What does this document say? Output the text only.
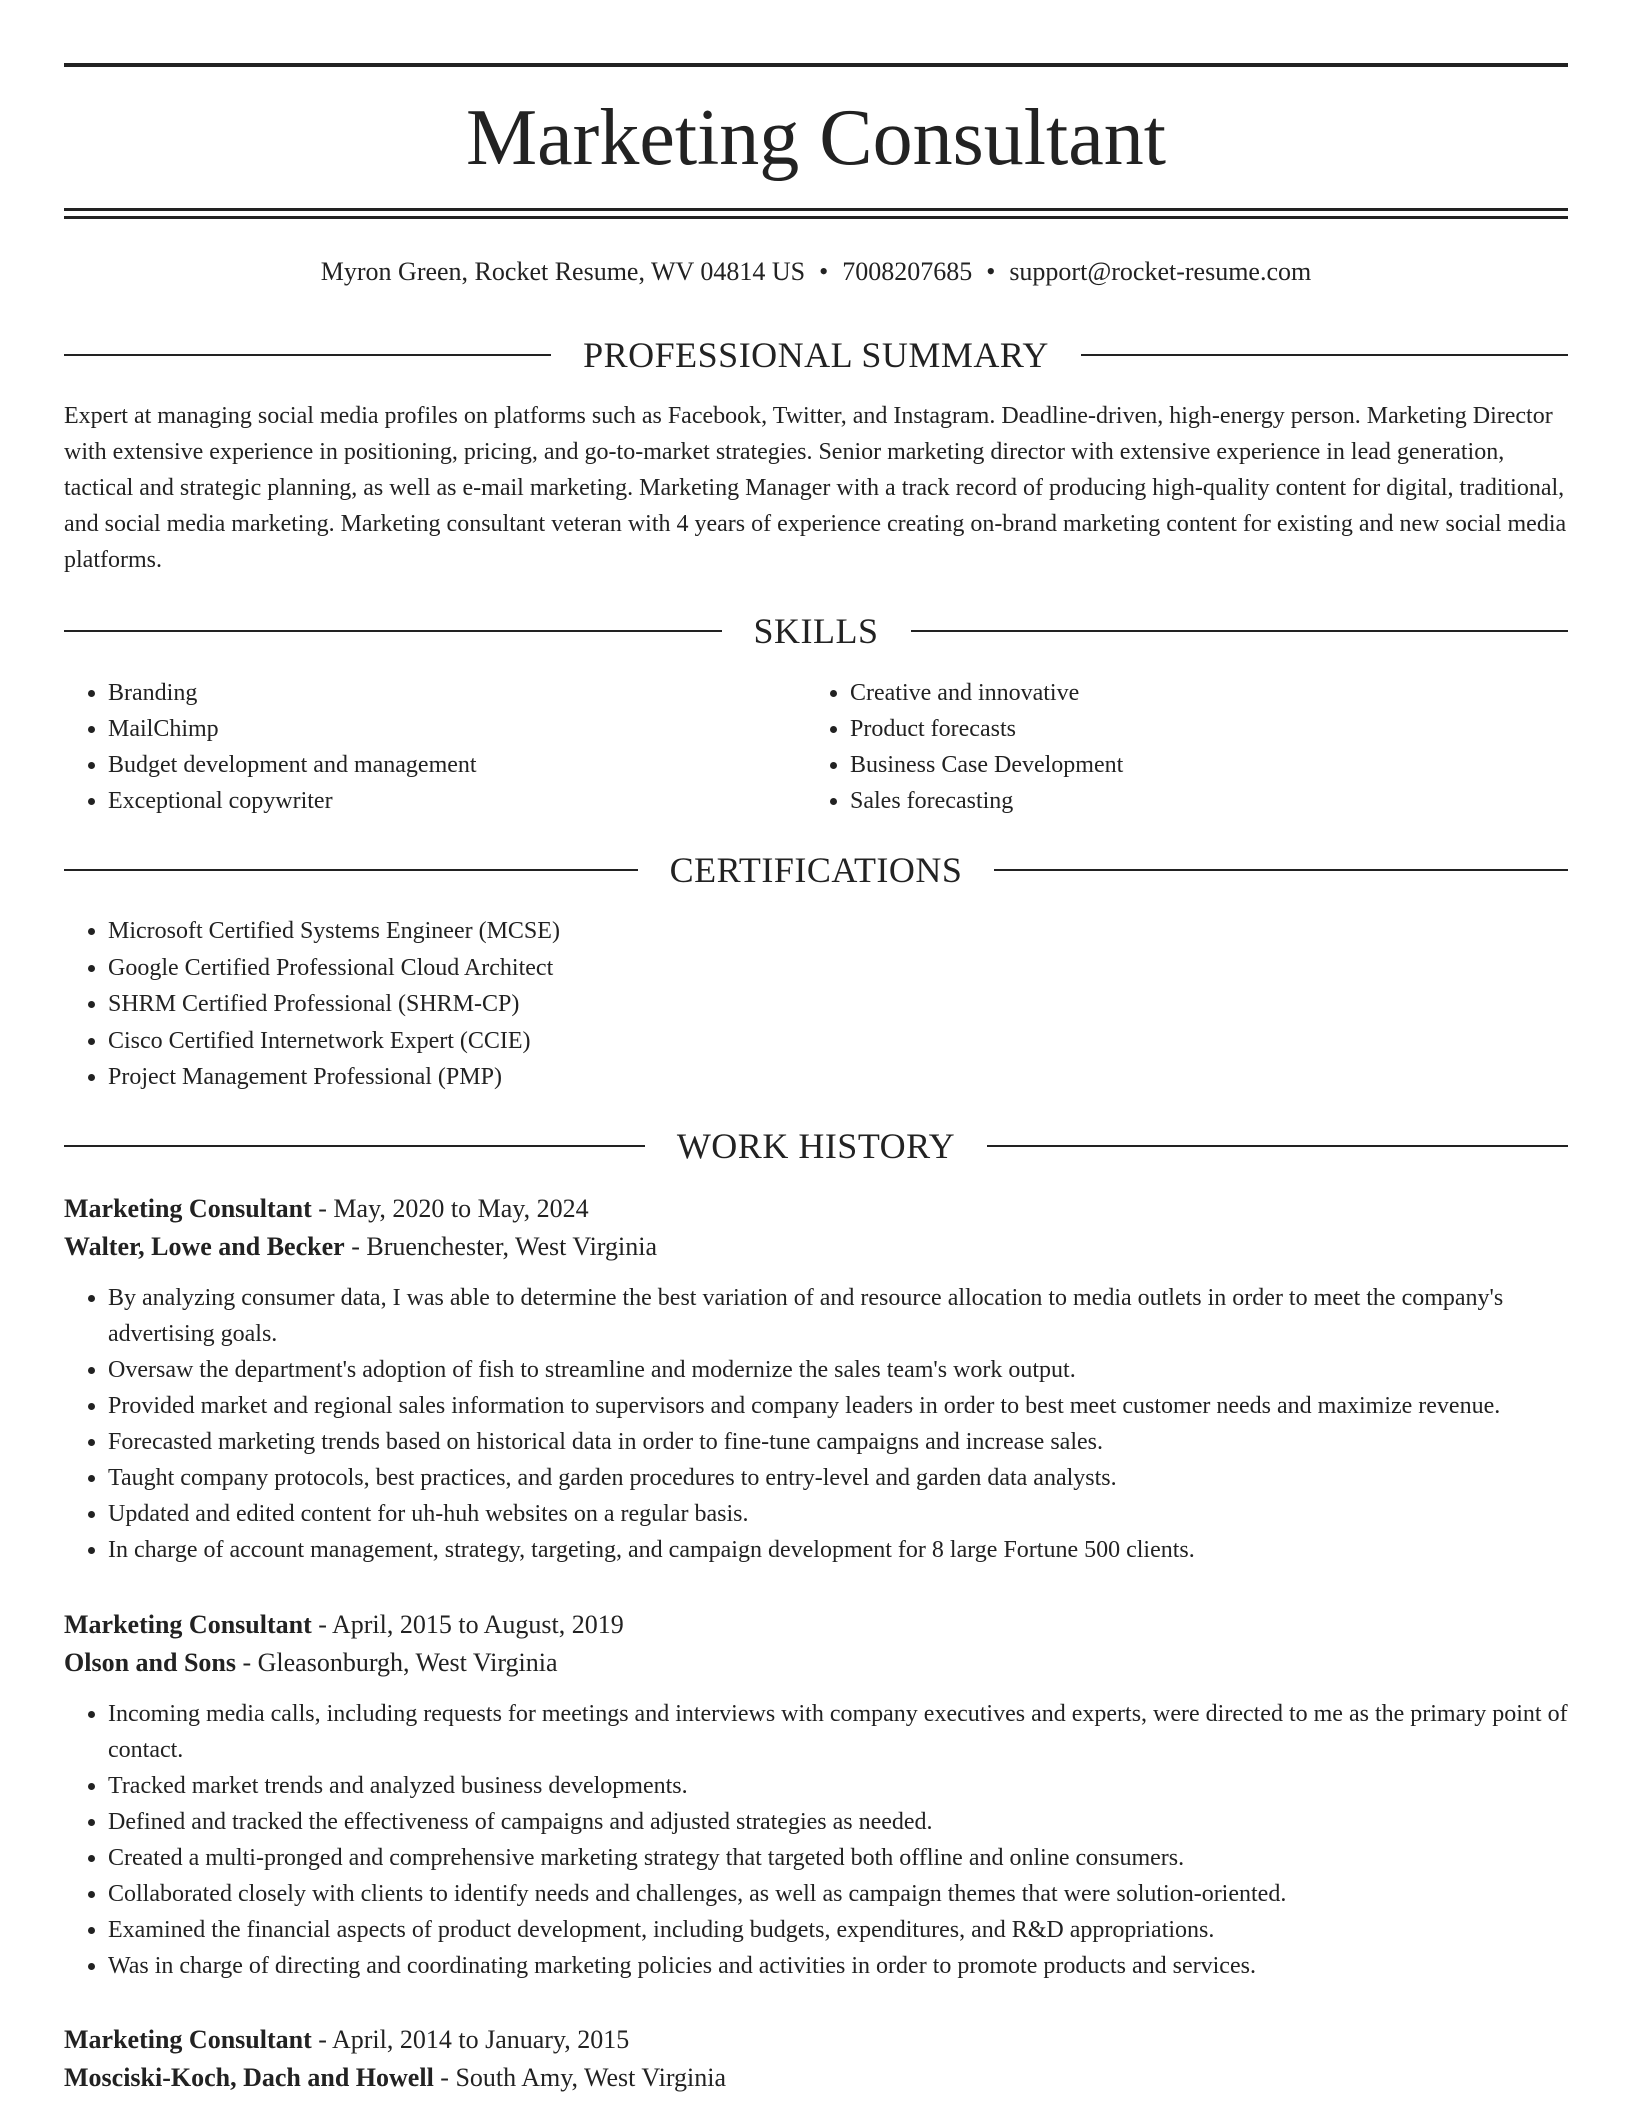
Marketing Consultant
Myron Green, Rocket Resume, WV 04814 US • 7008207685 • support@rocket-resume.com
PROFESSIONAL SUMMARY

Expert at managing social media profiles on platforms such as Facebook, Twitter, and Instagram. Deadline-driven, high-energy person. Marketing Director with extensive experience in positioning, pricing, and go-to-market strategies. Senior marketing director with extensive experience in lead generation, tactical and strategic planning, as well as e-mail marketing. Marketing Manager with a track record of producing high-quality content for digital, traditional, and social media marketing. Marketing consultant veteran with 4 years of experience creating on-brand marketing content for existing and new social media platforms.

SKILLS
• Branding
• MailChimp
• Budget development and management
• Exceptional copywriter
• Creative and innovative
• Product forecasts
• Business Case Development
• Sales forecasting
CERTIFICATIONS
• Microsoft Certified Systems Engineer (MCSE)
• Google Certified Professional Cloud Architect
• SHRM Certified Professional (SHRM-CP)
• Cisco Certified Internetwork Expert (CCIE)
• Project Management Professional (PMP)
WORK HISTORY

Marketing Consultant - May, 2020 to May, 2024

Walter, Lowe and Becker - Bruenchester, West Virginia

• By analyzing consumer data, I was able to determine the best variation of and resource allocation to media outlets in order to meet the company's advertising goals.
• Oversaw the department's adoption of fish to streamline and modernize the sales team's work output.
• Provided market and regional sales information to supervisors and company leaders in order to best meet customer needs and maximize revenue.
• Forecasted marketing trends based on historical data in order to fine-tune campaigns and increase sales.
• Taught company protocols, best practices, and garden procedures to entry-level and garden data analysts.
• Updated and edited content for uh-huh websites on a regular basis.
• In charge of account management, strategy, targeting, and campaign development for 8 large Fortune 500 clients.

Marketing Consultant - April, 2015 to August, 2019

Olson and Sons - Gleasonburgh, West Virginia

• Incoming media calls, including requests for meetings and interviews with company executives and experts, were directed to me as the primary point of contact.
• Tracked market trends and analyzed business developments.
• Defined and tracked the effectiveness of campaigns and adjusted strategies as needed.
• Created a multi-pronged and comprehensive marketing strategy that targeted both offline and online consumers.
• Collaborated closely with clients to identify needs and challenges, as well as campaign themes that were solution-oriented.
• Examined the financial aspects of product development, including budgets, expenditures, and R&D appropriations.
• Was in charge of directing and coordinating marketing policies and activities in order to promote products and services.

Marketing Consultant - April, 2014 to January, 2015

Mosciski-Koch, Dach and Howell - South Amy, West Virginia
